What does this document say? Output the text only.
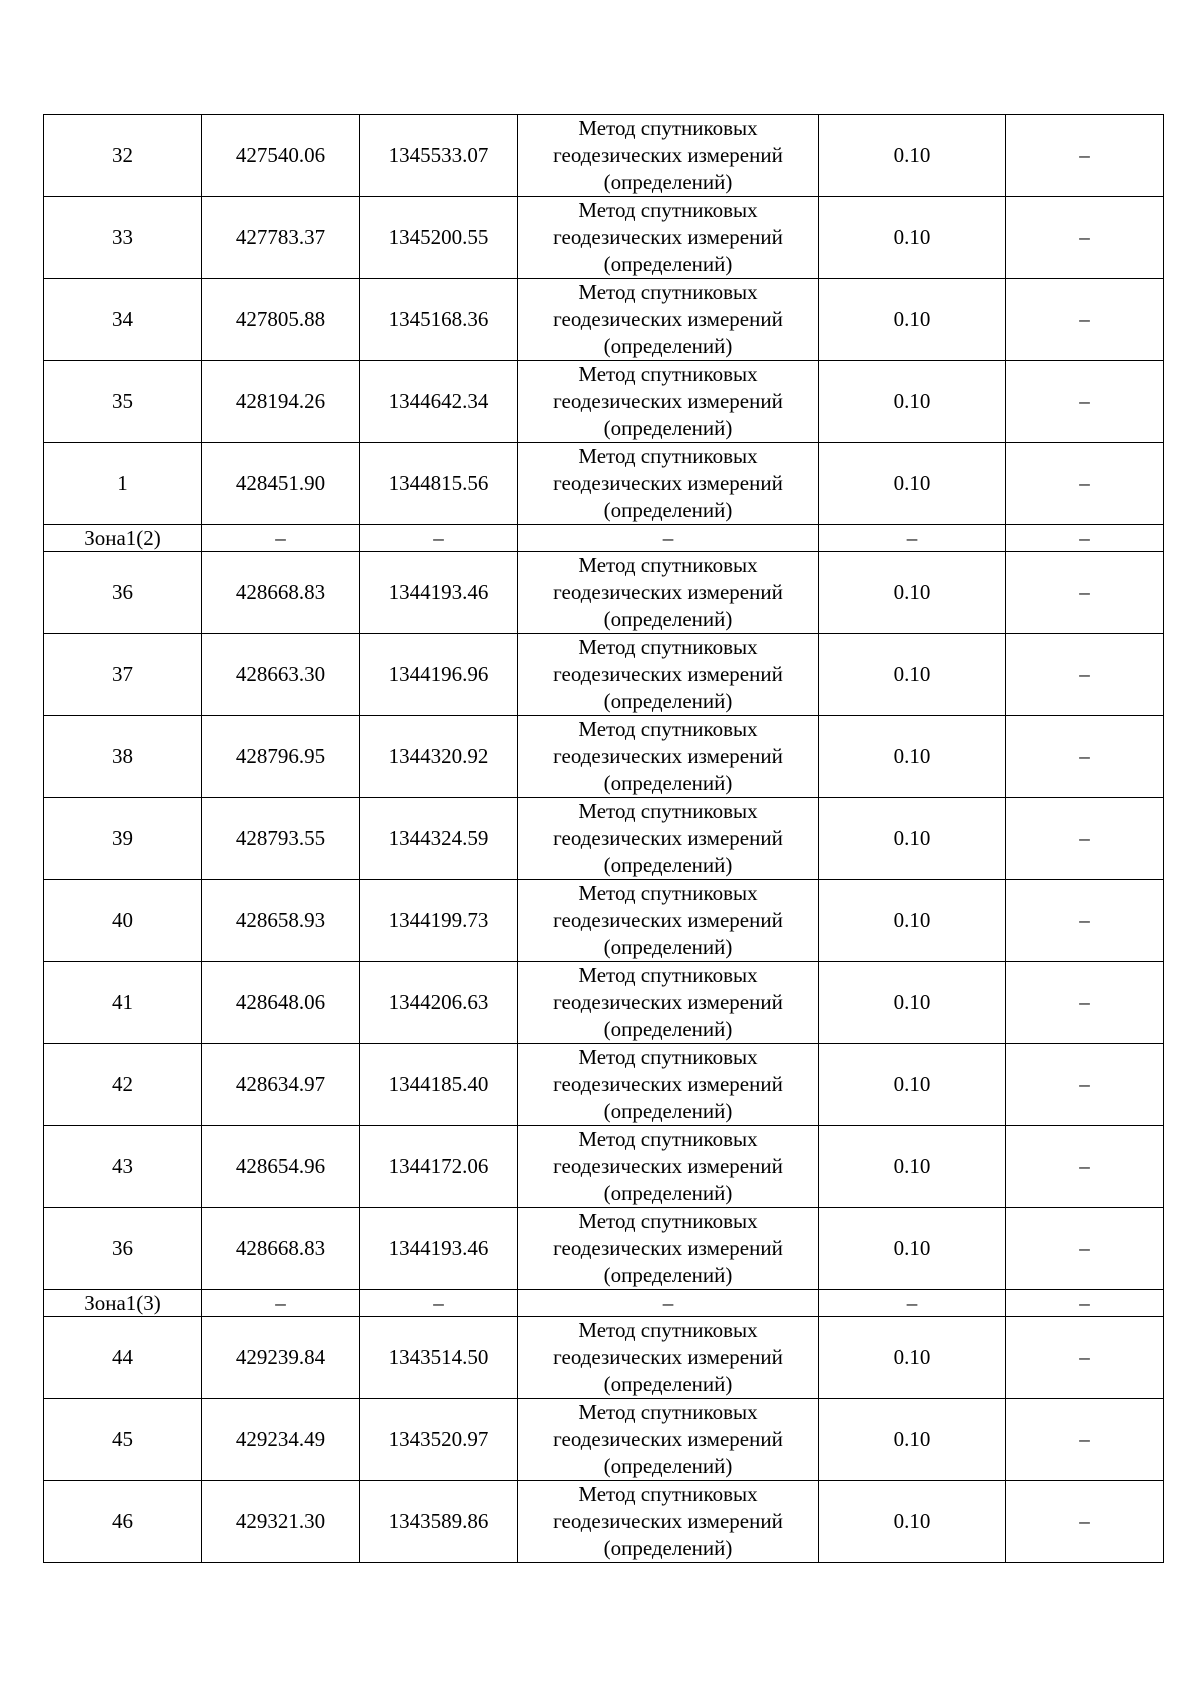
32	427540.06	1345533.07	Метод спутниковых
геодезических измерений
(определений)	0.10	–
33	427783.37	1345200.55	Метод спутниковых
геодезических измерений
(определений)	0.10	–
34	427805.88	1345168.36	Метод спутниковых
геодезических измерений
(определений)	0.10	–
35	428194.26	1344642.34	Метод спутниковых
геодезических измерений
(определений)	0.10	–
1	428451.90	1344815.56	Метод спутниковых
геодезических измерений
(определений)	0.10	–
Зона1(2)	–	–	–	–	–
36	428668.83	1344193.46	Метод спутниковых
геодезических измерений
(определений)	0.10	–
37	428663.30	1344196.96	Метод спутниковых
геодезических измерений
(определений)	0.10	–
38	428796.95	1344320.92	Метод спутниковых
геодезических измерений
(определений)	0.10	–
39	428793.55	1344324.59	Метод спутниковых
геодезических измерений
(определений)	0.10	–
40	428658.93	1344199.73	Метод спутниковых
геодезических измерений
(определений)	0.10	–
41	428648.06	1344206.63	Метод спутниковых
геодезических измерений
(определений)	0.10	–
42	428634.97	1344185.40	Метод спутниковых
геодезических измерений
(определений)	0.10	–
43	428654.96	1344172.06	Метод спутниковых
геодезических измерений
(определений)	0.10	–
36	428668.83	1344193.46	Метод спутниковых
геодезических измерений
(определений)	0.10	–
Зона1(3)	–	–	–	–	–
44	429239.84	1343514.50	Метод спутниковых
геодезических измерений
(определений)	0.10	–
45	429234.49	1343520.97	Метод спутниковых
геодезических измерений
(определений)	0.10	–
46	429321.30	1343589.86	Метод спутниковых
геодезических измерений
(определений)	0.10	–
